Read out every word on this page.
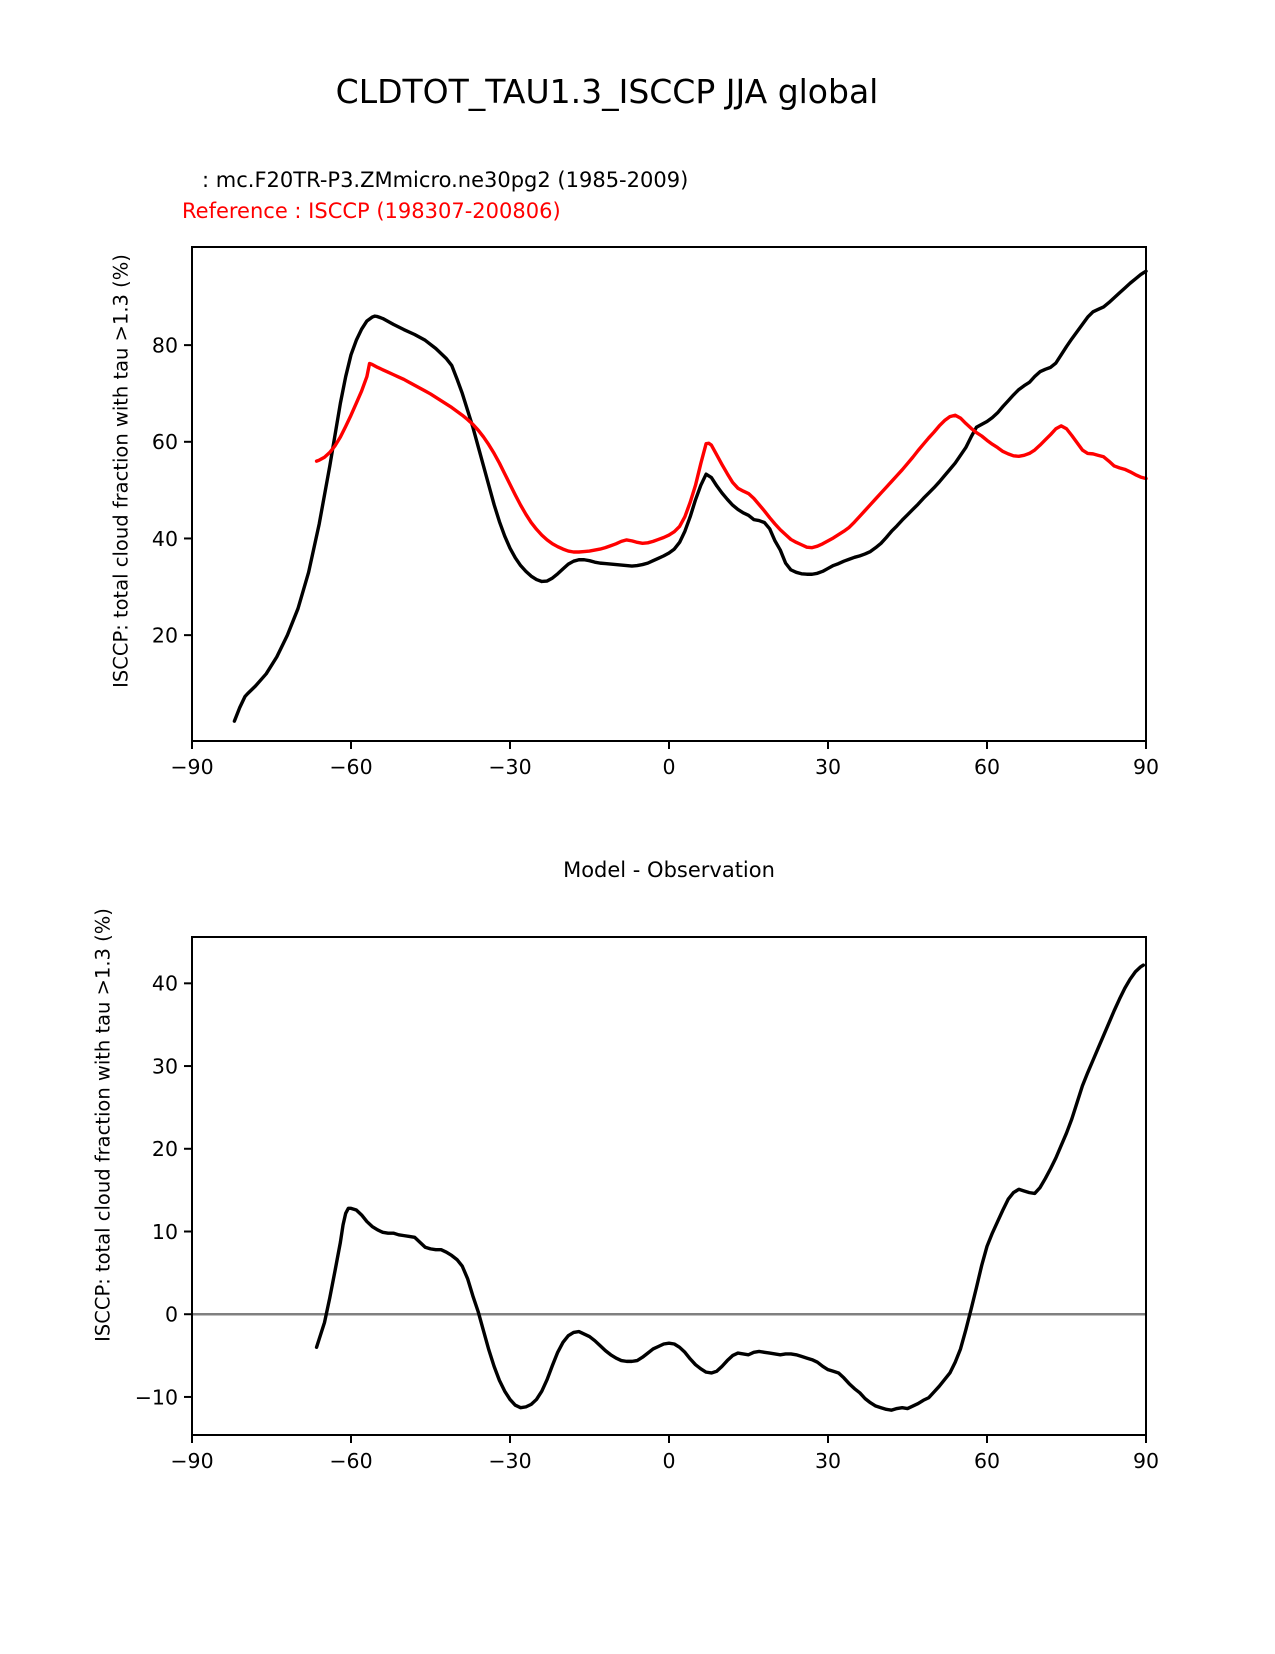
CLDTOT_TAU1.3_ISCCP JJA global
: mc.F20TR-P3.ZMmicro.ne30pg2 (1985-2009)
Reference : ISCCP (198307-200806)
ISCCP: total cloud fraction with tau >1.3 (%)
ISCCP: total cloud fraction with tau >1.3 (%)
Model - Observation
−90	−60	−30	0	30	60	90
20
40
60
80
−90	−60	−30	0	30	60	90
−10
0
10
20
30
40
